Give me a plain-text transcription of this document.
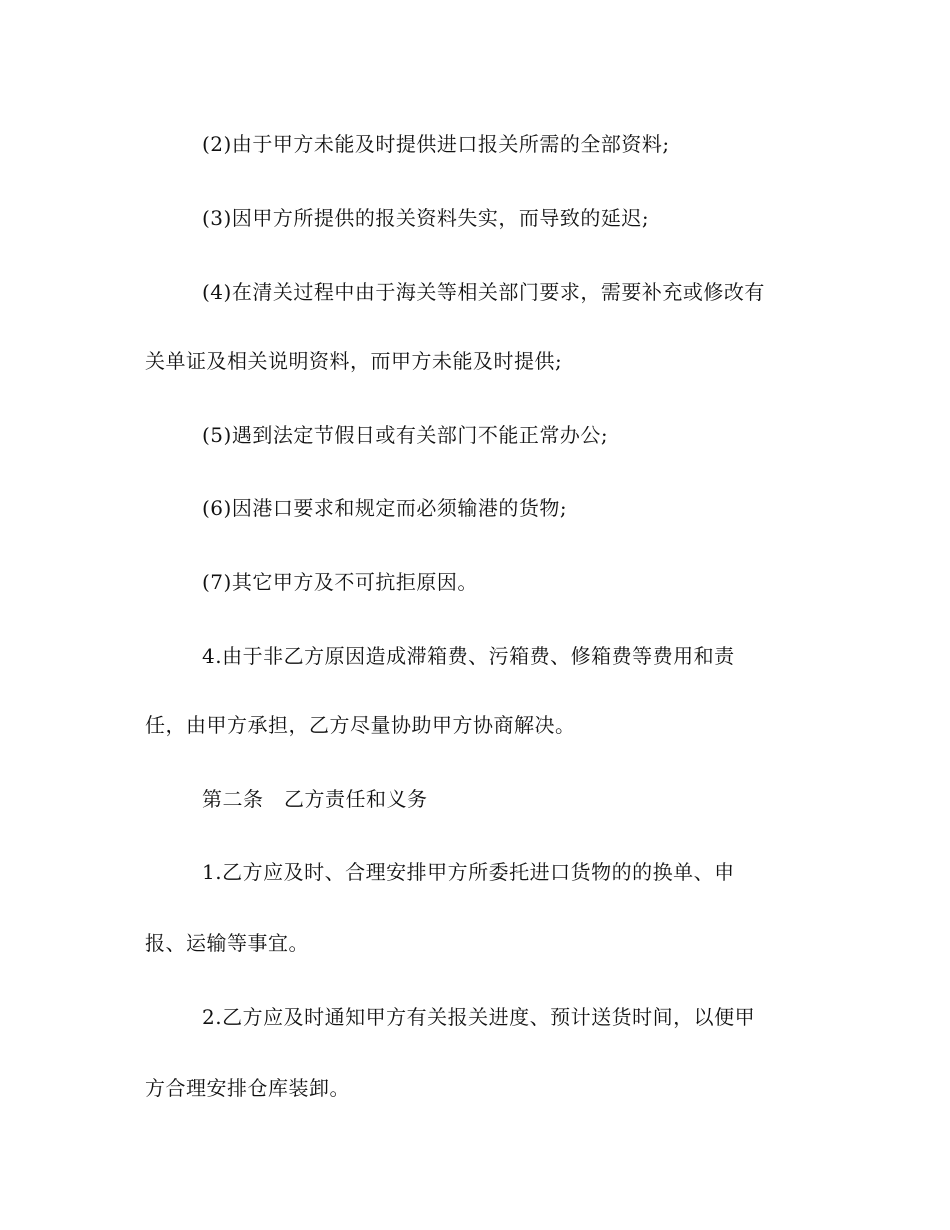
(2)由于甲方未能及时提供进口报关所需的全部资料;
(3)因甲方所提供的报关资料失实，而导致的延迟;
(4)在清关过程中由于海关等相关部门要求，需要补充或修改有
关单证及相关说明资料，而甲方未能及时提供;
(5)遇到法定节假日或有关部门不能正常办公;
(6)因港口要求和规定而必须输港的货物;
(7)其它甲方及不可抗拒原因。
4.由于非乙方原因造成滞箱费、污箱费、修箱费等费用和责
任，由甲方承担，乙方尽量协助甲方协商解决。
第二条　乙方责任和义务
1.乙方应及时、合理安排甲方所委托进口货物的的换单、申
报、运输等事宜。
2.乙方应及时通知甲方有关报关进度、预计送货时间，以便甲
方合理安排仓库装卸。
